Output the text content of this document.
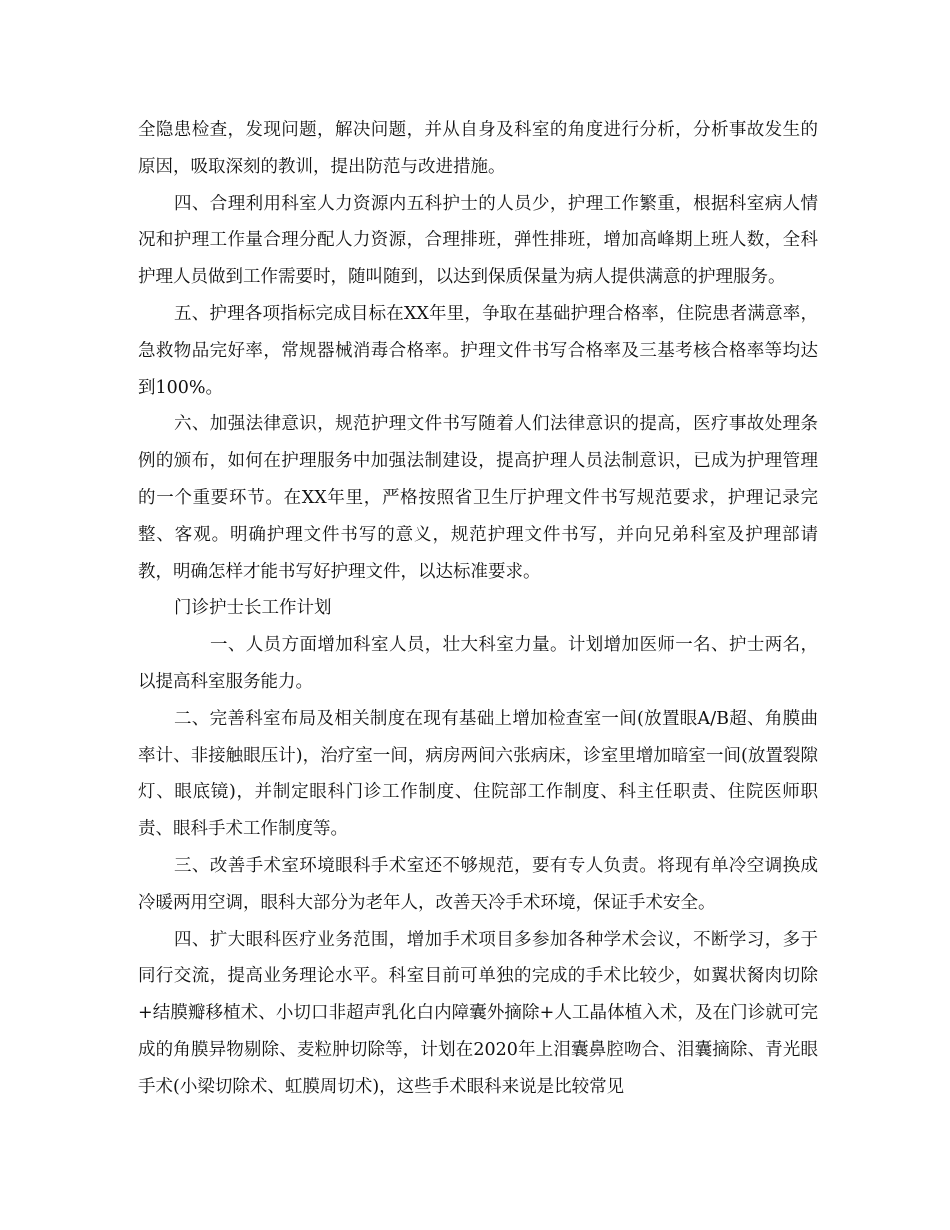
全隐患检查，发现问题，解决问题，并从自身及科室的角度进行分析，分析事故发生的原因，吸取深刻的教训，提出防范与改进措施。

四、合理利用科室人力资源内五科护士的人员少，护理工作繁重，根据科室病人情况和护理工作量合理分配人力资源，合理排班，弹性排班，增加高峰期上班人数，全科护理人员做到工作需要时，随叫随到，以达到保质保量为病人提供满意的护理服务。

五、护理各项指标完成目标在XX年里，争取在基础护理合格率，住院患者满意率，急救物品完好率，常规器械消毒合格率。护理文件书写合格率及三基考核合格率等均达到100%。

六、加强法律意识，规范护理文件书写随着人们法律意识的提高，医疗事故处理条例的颁布，如何在护理服务中加强法制建设，提高护理人员法制意识，已成为护理管理的一个重要环节。在XX年里，严格按照省卫生厅护理文件书写规范要求，护理记录完整、客观。明确护理文件书写的意义，规范护理文件书写，并向兄弟科室及护理部请教，明确怎样才能书写好护理文件，以达标准要求。

门诊护士长工作计划

一、人员方面增加科室人员，壮大科室力量。计划增加医师一名、护士两名，以提高科室服务能力。

二、完善科室布局及相关制度在现有基础上增加检查室一间(放置眼A/B超、角膜曲率计、非接触眼压计)，治疗室一间，病房两间六张病床，诊室里增加暗室一间(放置裂隙灯、眼底镜)，并制定眼科门诊工作制度、住院部工作制度、科主任职责、住院医师职责、眼科手术工作制度等。

三、改善手术室环境眼科手术室还不够规范，要有专人负责。将现有单冷空调换成冷暖两用空调，眼科大部分为老年人，改善天冷手术环境，保证手术安全。

四、扩大眼科医疗业务范围，增加手术项目多参加各种学术会议，不断学习，多于同行交流，提高业务理论水平。科室目前可单独的完成的手术比较少，如翼状胬肉切除+结膜瓣移植术、小切口非超声乳化白内障囊外摘除+人工晶体植入术，及在门诊就可完成的角膜异物剔除、麦粒肿切除等，计划在2020年上泪囊鼻腔吻合、泪囊摘除、青光眼手术(小梁切除术、虹膜周切术)，这些手术眼科来说是比较常见
